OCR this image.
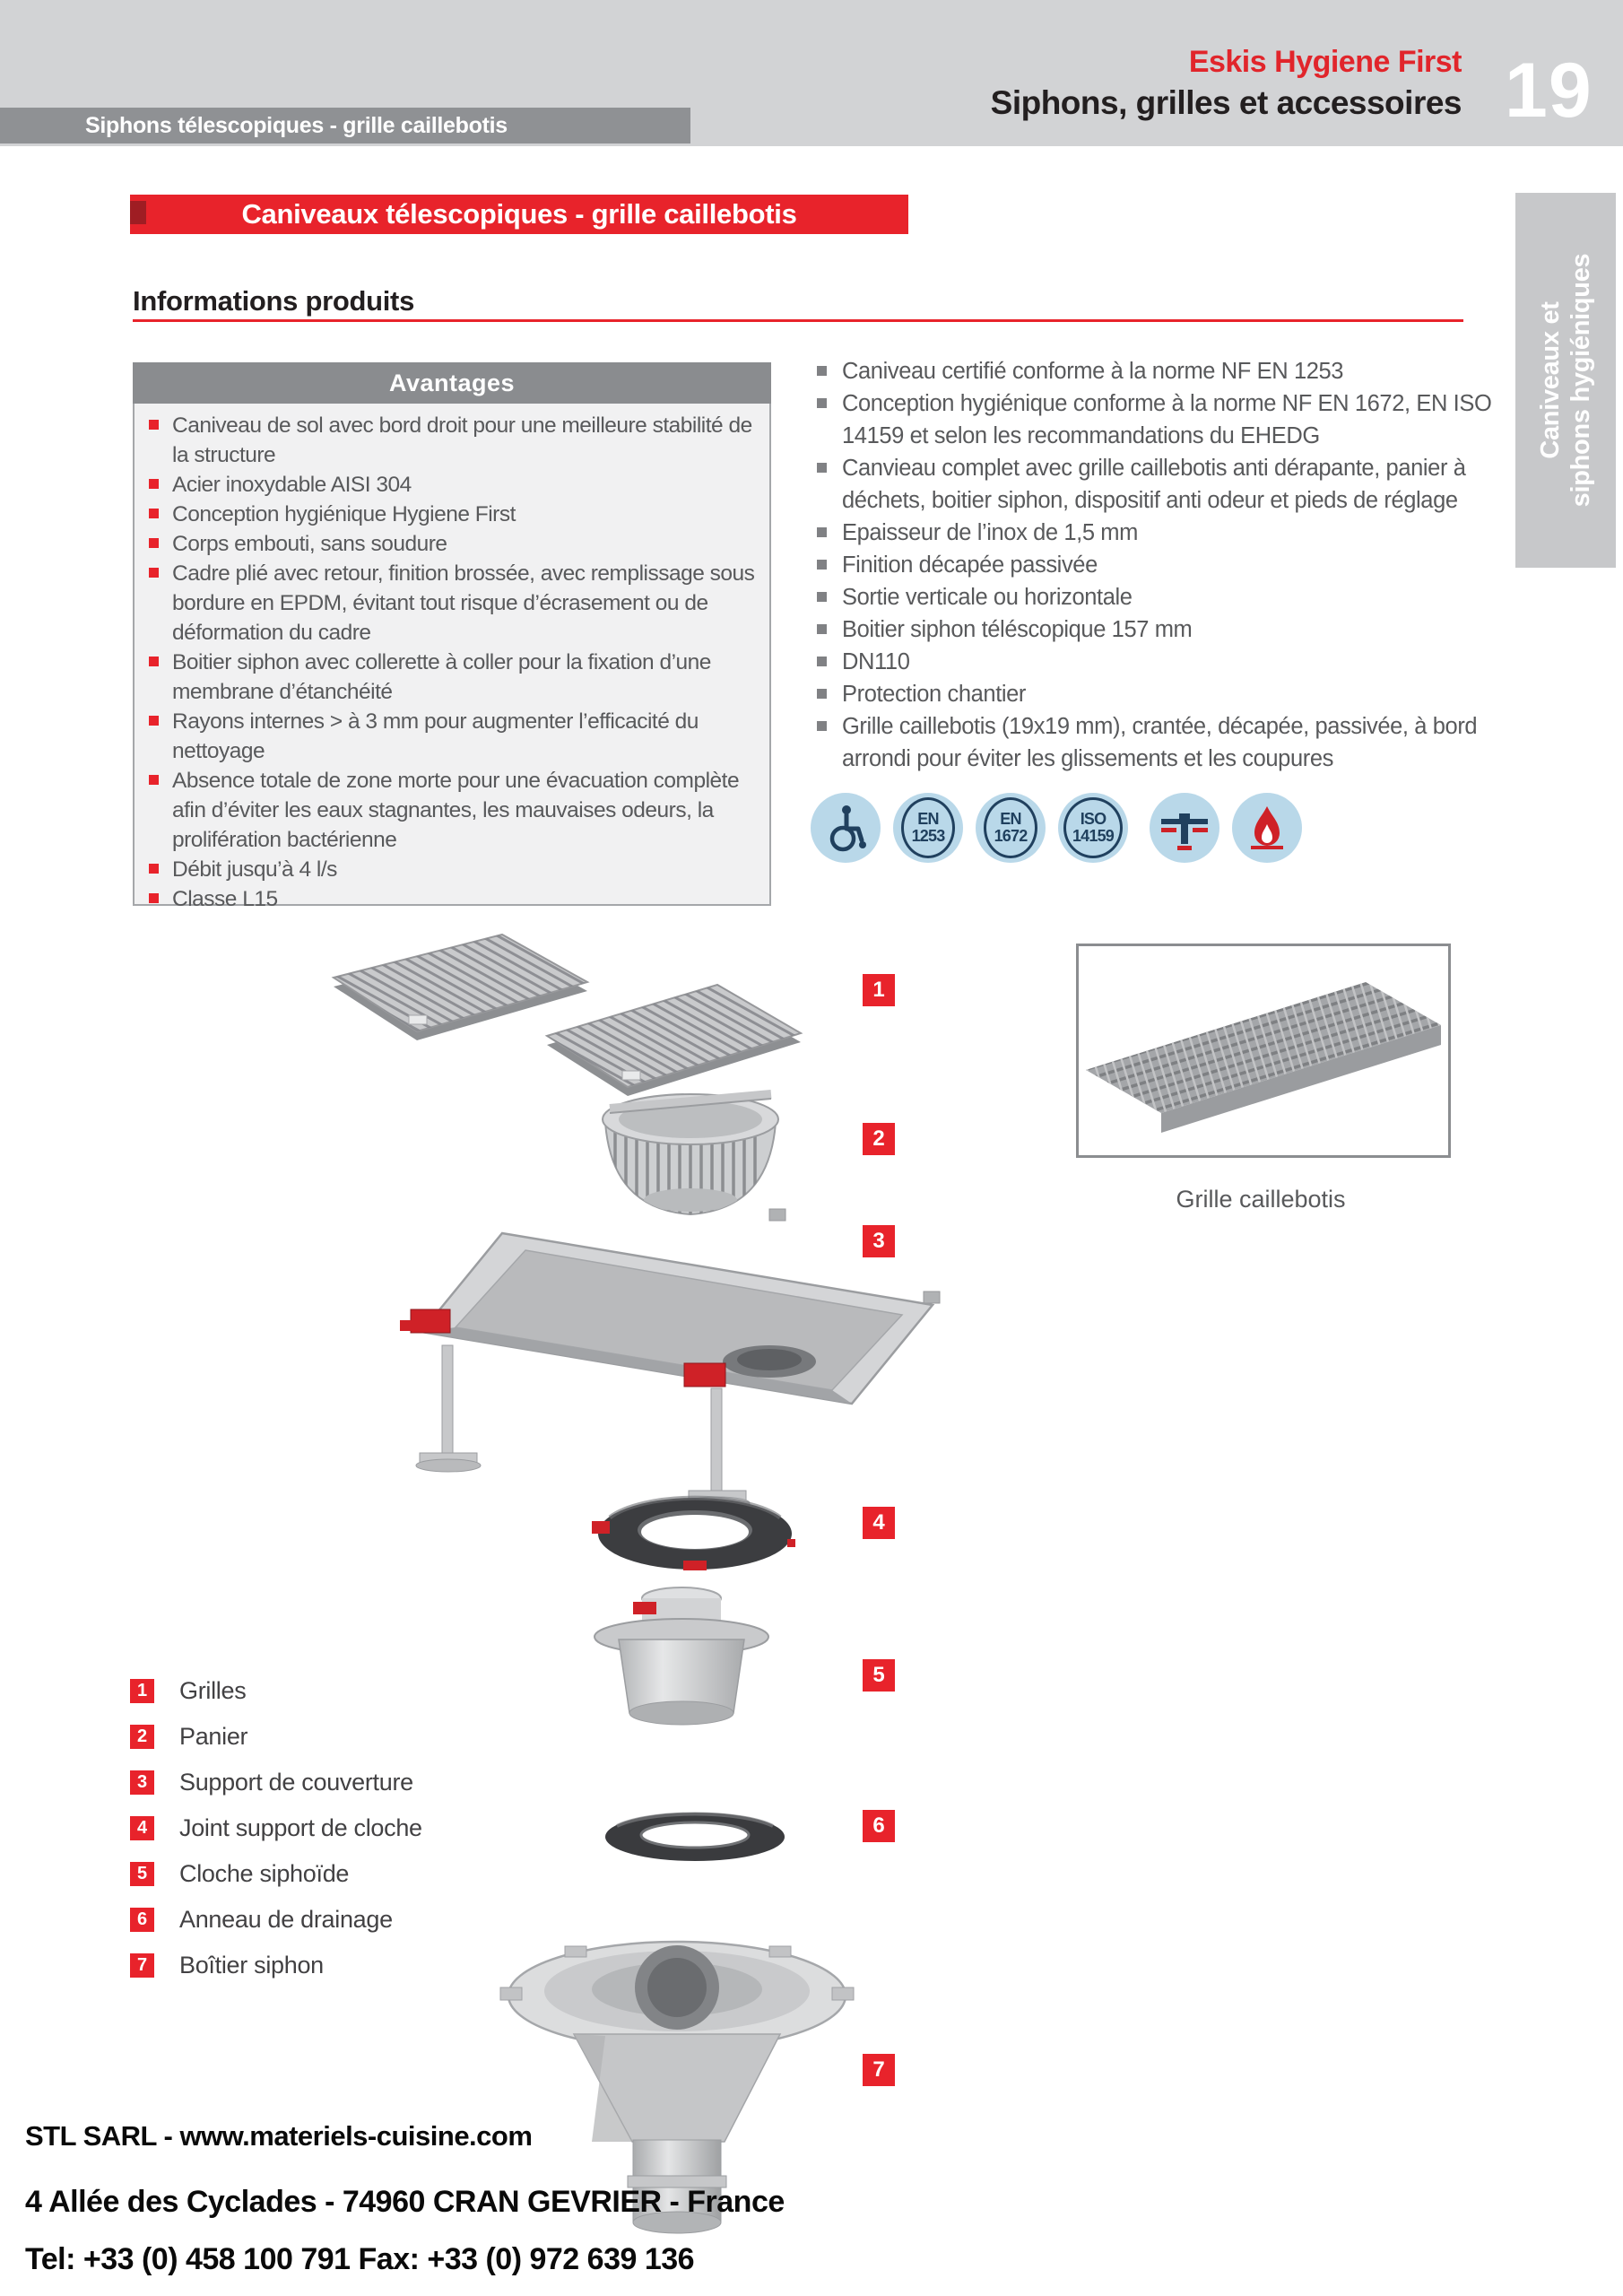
Siphons télescopiques - grille caillebotis
Eskis Hygiene First
Siphons, grilles et accessoires 19
Caniveaux et siphons hygiéniques
Caniveaux télescopiques - grille caillebotis
Informations produits
Avantages
Caniveau de sol avec bord droit pour une meilleure stabilité de la structure
Acier inoxydable AISI 304
Conception hygiénique Hygiene First
Corps embouti, sans soudure
Cadre plié avec retour, finition brossée, avec remplissage sous bordure en EPDM, évitant tout risque d’écrasement ou de déformation du cadre
Boitier siphon avec collerette à coller pour la fixation d’une membrane d’étanchéité
Rayons internes > à 3 mm pour augmenter l’efficacité du nettoyage
Absence totale de zone morte pour une évacuation complète afin d’éviter les eaux stagnantes, les mauvaises odeurs, la prolifération bactérienne
Débit jusqu’à 4 l/s
Classe L15
Caniveau certifié conforme à la norme NF EN 1253
Conception hygiénique conforme à la norme NF EN 1672, EN ISO 14159 et selon les recommandations du EHEDG
Canvieau complet avec grille caillebotis anti dérapante, panier à déchets, boitier siphon, dispositif anti odeur et pieds de réglage
Epaisseur de l’inox de 1,5 mm
Finition décapée passivée
Sortie verticale ou horizontale
Boitier siphon téléscopique 157 mm
DN110
Protection chantier
Grille caillebotis (19x19 mm), crantée, décapée, passivée, à bord arrondi pour éviter les glissements et les coupures
EN
1253
EN
1672
ISO
14159
Grille caillebotis
1
2
3
4
5
6
7
1 Grilles
2 Panier
3 Support de couverture
4 Joint support de cloche
5 Cloche siphoïde
6 Anneau de drainage
7 Boîtier siphon
STL SARL - www.materiels-cuisine.com
4 Allée des Cyclades - 74960 CRAN GEVRIER - France
Tel: +33 (0) 458 100 791 Fax: +33 (0) 972 639 136
